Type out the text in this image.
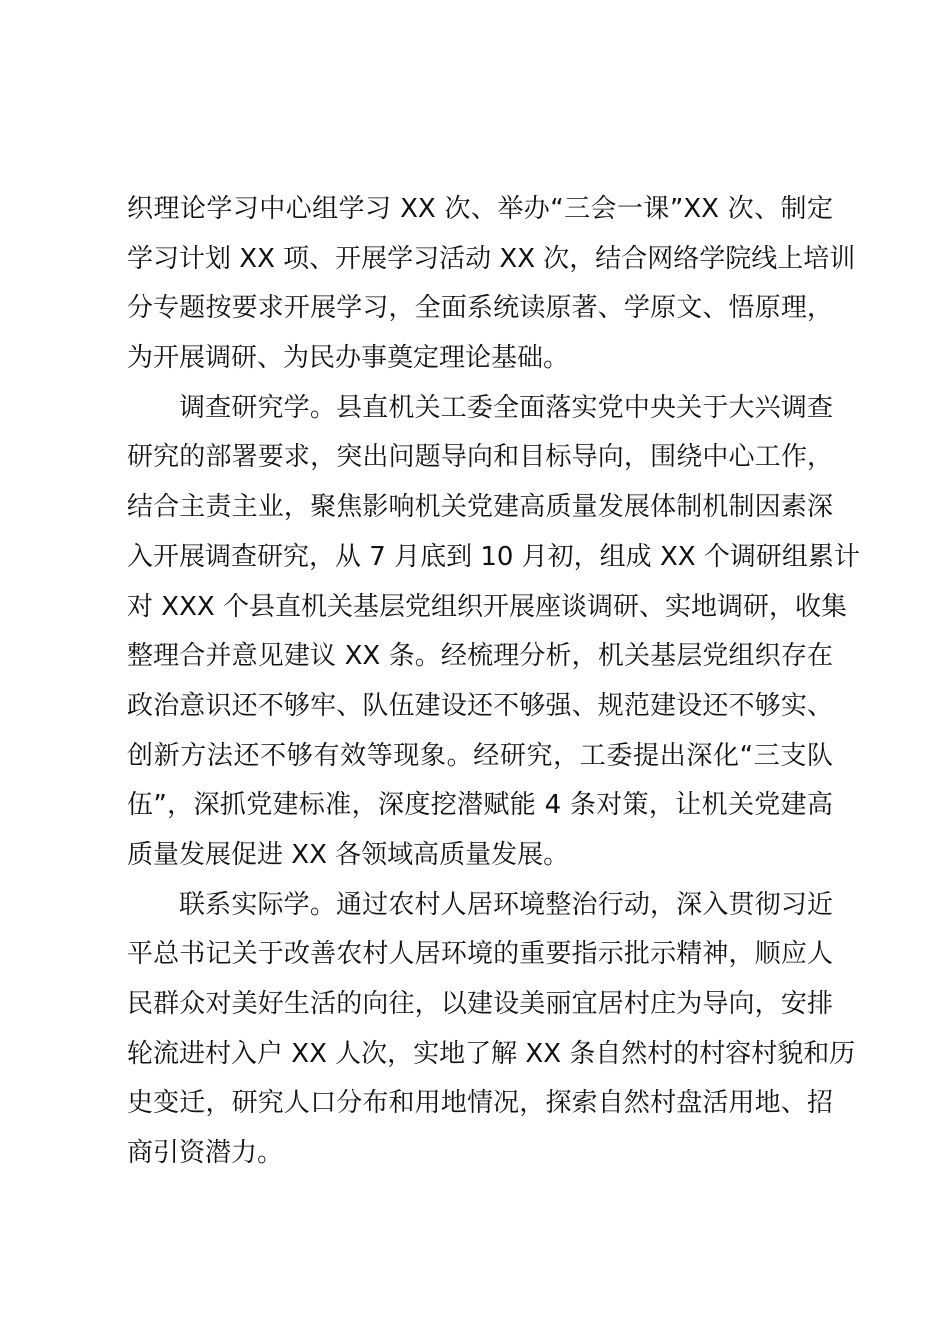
织理论学习中心组学习 XX 次、举办“三会一课”XX 次、制定
学习计划 XX 项、开展学习活动 XX 次，结合网络学院线上培训
分专题按要求开展学习，全面系统读原著、学原文、悟原理，
为开展调研、为民办事奠定理论基础。
调查研究学。县直机关工委全面落实党中央关于大兴调查
研究的部署要求，突出问题导向和目标导向，围绕中心工作，
结合主责主业，聚焦影响机关党建高质量发展体制机制因素深
入开展调查研究，从 7 月底到 10 月初，组成 XX 个调研组累计
对 XXX 个县直机关基层党组织开展座谈调研、实地调研，收集
整理合并意见建议 XX 条。经梳理分析，机关基层党组织存在
政治意识还不够牢、队伍建设还不够强、规范建设还不够实、
创新方法还不够有效等现象。经研究，工委提出深化“三支队
伍”，深抓党建标准，深度挖潜赋能 4 条对策，让机关党建高
质量发展促进 XX 各领域高质量发展。
联系实际学。通过农村人居环境整治行动，深入贯彻习近
平总书记关于改善农村人居环境的重要指示批示精神，顺应人
民群众对美好生活的向往，以建设美丽宜居村庄为导向，安排
轮流进村入户 XX 人次，实地了解 XX 条自然村的村容村貌和历
史变迁，研究人口分布和用地情况，探索自然村盘活用地、招
商引资潜力。
